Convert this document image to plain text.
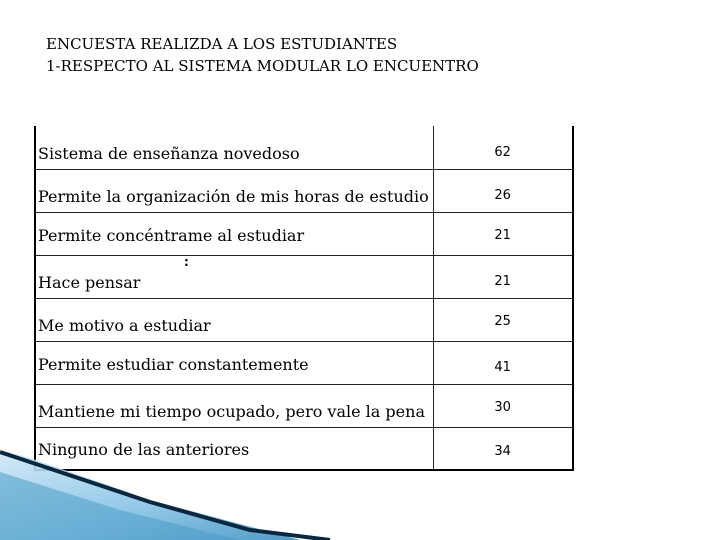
ENCUESTA REALIZDA A LOS ESTUDIANTES
1-RESPECTO AL SISTEMA MODULAR LO ENCUENTRO
Sistema de enseñanza novedoso	62
Permite la organización de mis horas de estudio	26
Permite concéntrame al estudiar	21
Hace pensar	21
Me motivo a estudiar	25
Permite estudiar constantemente	41
Mantiene mi tiempo ocupado, pero vale la pena	30
Ninguno de las anteriores	34
:
